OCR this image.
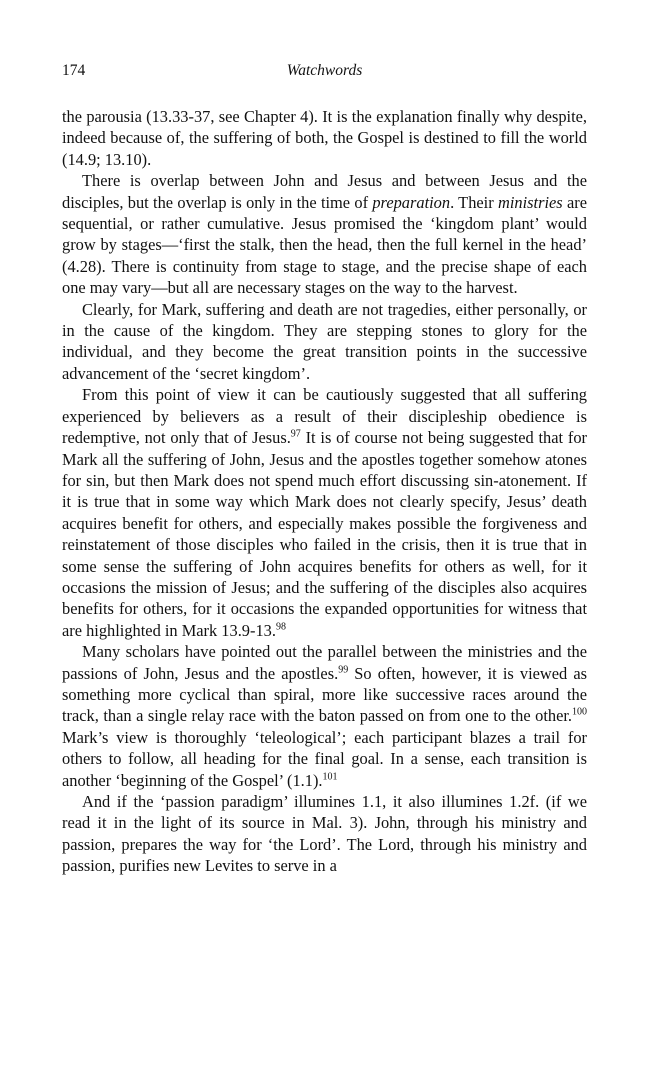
174	Watchwords

the parousia (13.33-37, see Chapter 4). It is the explanation finally why despite, indeed because of, the suffering of both, the Gospel is destined to fill the world (14.9; 13.10).

There is overlap between John and Jesus and between Jesus and the disciples, but the overlap is only in the time of preparation. Their ministries are sequential, or rather cumulative. Jesus promised the ‘kingdom plant’ would grow by stages—‘first the stalk, then the head, then the full kernel in the head’ (4.28). There is continuity from stage to stage, and the precise shape of each one may vary—but all are necessary stages on the way to the harvest.

Clearly, for Mark, suffering and death are not tragedies, either personally, or in the cause of the kingdom. They are stepping stones to glory for the individual, and they become the great transition points in the successive advancement of the ‘secret kingdom’.

From this point of view it can be cautiously suggested that all suffering experienced by believers as a result of their discipleship obedience is redemptive, not only that of Jesus.$^{97}$ It is of course not being suggested that for Mark all the suffering of John, Jesus and the apostles together somehow atones for sin, but then Mark does not spend much effort discussing sin-atonement. If it is true that in some way which Mark does not clearly specify, Jesus’ death acquires benefit for others, and especially makes possible the forgiveness and reinstatement of those disciples who failed in the crisis, then it is true that in some sense the suffering of John acquires benefits for others as well, for it occasions the mission of Jesus; and the suffering of the disciples also acquires benefits for others, for it occasions the expanded opportunities for witness that are highlighted in Mark 13.9-13.98

Many scholars have pointed out the parallel between the ministries and the passions of John, Jesus and the apostles.$^{99}$ So often, however, it is viewed as something more cyclical than spiral, more like successive races around the track, than a single relay race with the baton passed on from one to the other.$^{100}$ Mark’s view is thoroughly ‘teleological’; each participant blazes a trail for others to follow, all heading for the final goal. In a sense, each transition is another ‘beginning of the Gospel’ (1.1).$^{101}$

And if the ‘passion paradigm’ illumines 1.1, it also illumines 1.2f. (if we read it in the light of its source in Mal. 3). John, through his ministry and passion, prepares the way for ‘the Lord’. The Lord, through his ministry and passion, purifies new Levites to serve in a
